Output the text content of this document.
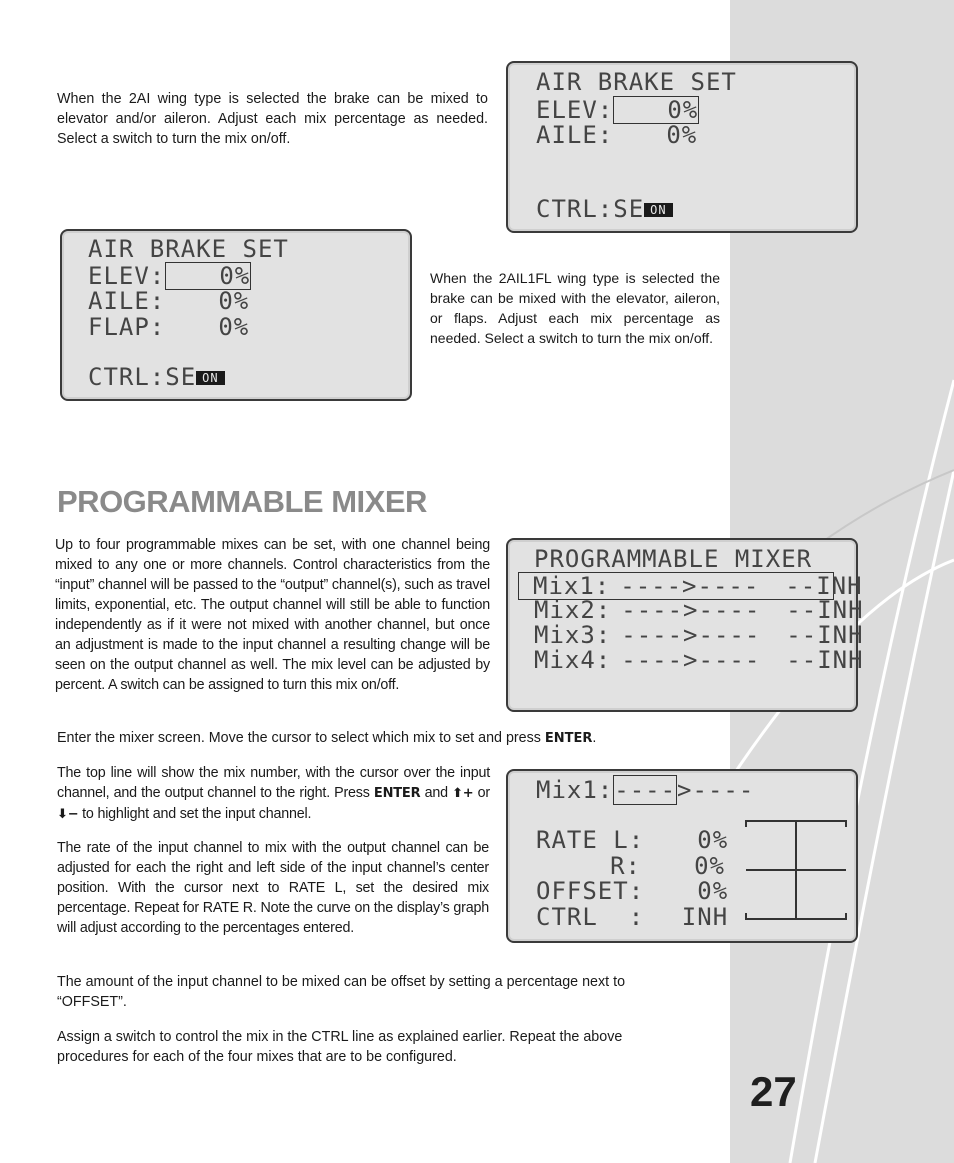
27

When the 2AI wing type is selected the brake can be mixed to elevator and/or aileron. Adjust each mix percentage as needed. Select a switch to turn the mix on/off.

AIR BRAKE SET
ELEV: 0%
AILE: 0%
CTRL:SE ON
AIR BRAKE SET
ELEV: 0%
AILE: 0%
FLAP: 0%
CTRL:SE ON

When the 2AIL1FL wing type is selected the brake can be mixed with the elevator, aileron, or flaps. Adjust each mix percentage as needed. Select a switch to turn the mix on/off.

PROGRAMMABLE MIXER

Up to four programmable mixes can be set, with one channel being mixed to any one or more channels. Control characteristics from the “input” channel will be passed to the “output” channel(s), such as travel limits, exponential, etc. The output channel will still be able to function independently as if it were not mixed with another channel, but once an adjustment is made to the input channel a resulting change will be seen on the output channel as well. The mix level can be adjusted by percent. A switch can be assigned to turn this mix on/off.

PROGRAMMABLE MIXER
Mix1: ---->---- --INH
Mix2: ---->---- --INH
Mix3: ---->---- --INH
Mix4: ---->---- --INH

Enter the mixer screen. Move the cursor to select which mix to set and press ENTER.

The top line will show the mix number, with the cursor over the input channel, and the output channel to the right. Press ENTER and ⬆+ or ⬇− to highlight and set the input channel.

Mix1:---->----
RATE L: 0%
R: 0%
OFFSET: 0%
CTRL  : INH

The rate of the input channel to mix with the output channel can be adjusted for each the right and left side of the input channel’s center position. With the cursor next to RATE L, set the desired mix percentage. Repeat for RATE R. Note the curve on the display’s graph will adjust according to the percentages entered.

The amount of the input channel to be mixed can be offset by setting a percentage next to “OFFSET”.

Assign a switch to control the mix in the CTRL line as explained earlier. Repeat the above procedures for each of the four mixes that are to be configured.
